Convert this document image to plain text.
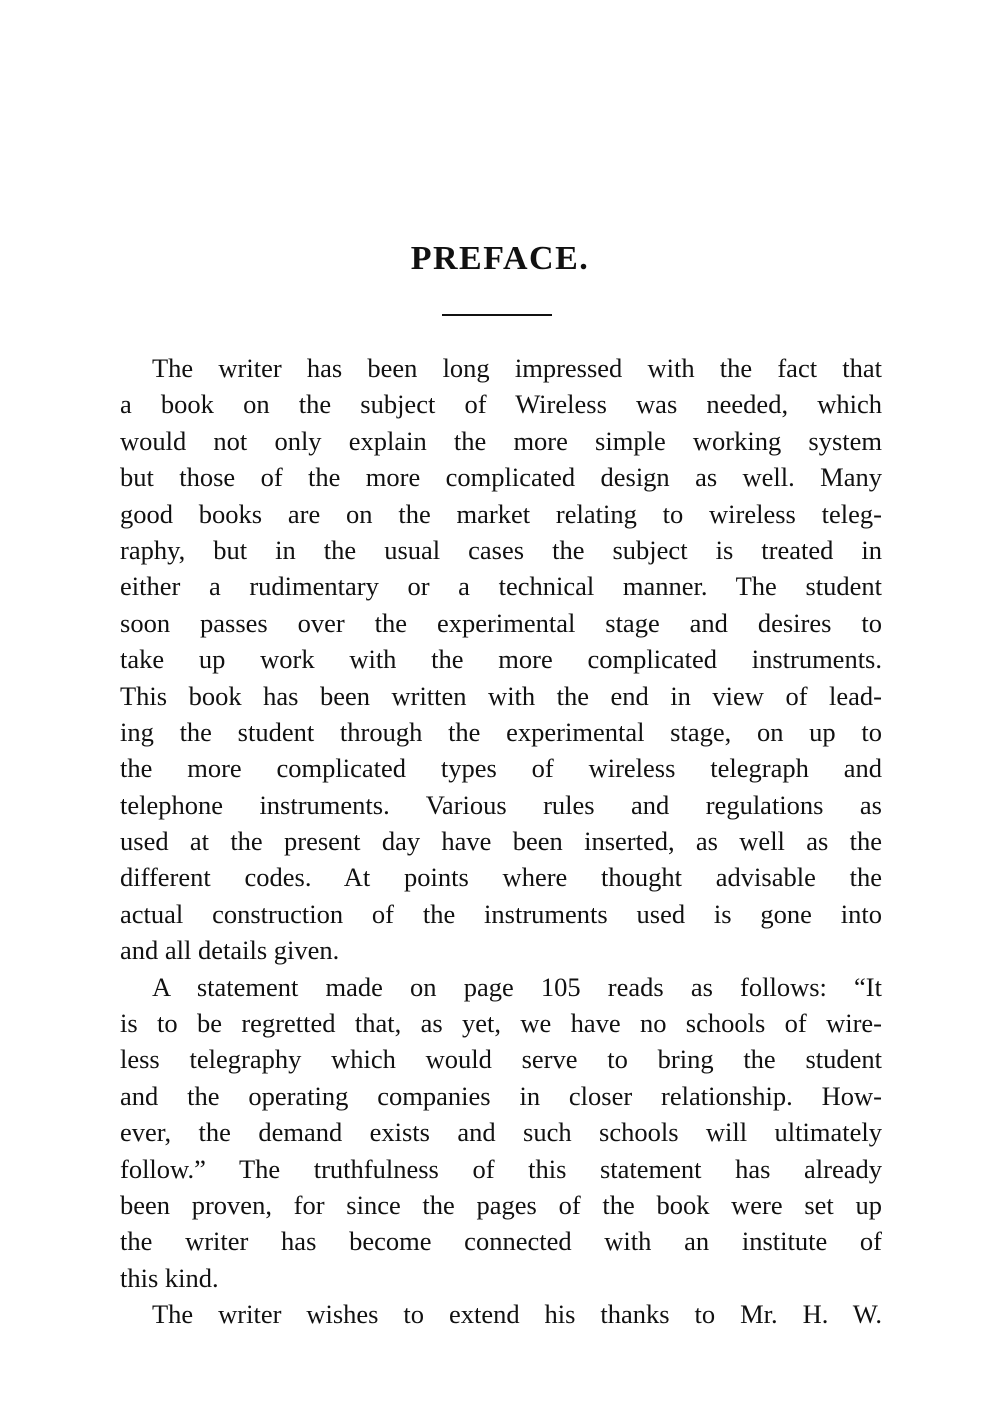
PREFACE.
The writer has been long impressed with the fact that
a book on the subject of Wireless was needed, which
would not only explain the more simple working system
but those of the more complicated design as well. Many
good books are on the market relating to wireless teleg-
raphy, but in the usual cases the subject is treated in
either a rudimentary or a technical manner. The student
soon passes over the experimental stage and desires to
take up work with the more complicated instruments.
This book has been written with the end in view of lead-
ing the student through the experimental stage, on up to
the more complicated types of wireless telegraph and
telephone instruments. Various rules and regulations as
used at the present day have been inserted, as well as the
different codes. At points where thought advisable the
actual construction of the instruments used is gone into
and all details given.
A statement made on page 105 reads as follows: “It
is to be regretted that, as yet, we have no schools of wire-
less telegraphy which would serve to bring the student
and the operating companies in closer relationship. How-
ever, the demand exists and such schools will ultimately
follow.” The truthfulness of this statement has already
been proven, for since the pages of the book were set up
the writer has become connected with an institute of
this kind.
The writer wishes to extend his thanks to Mr. H. W.
